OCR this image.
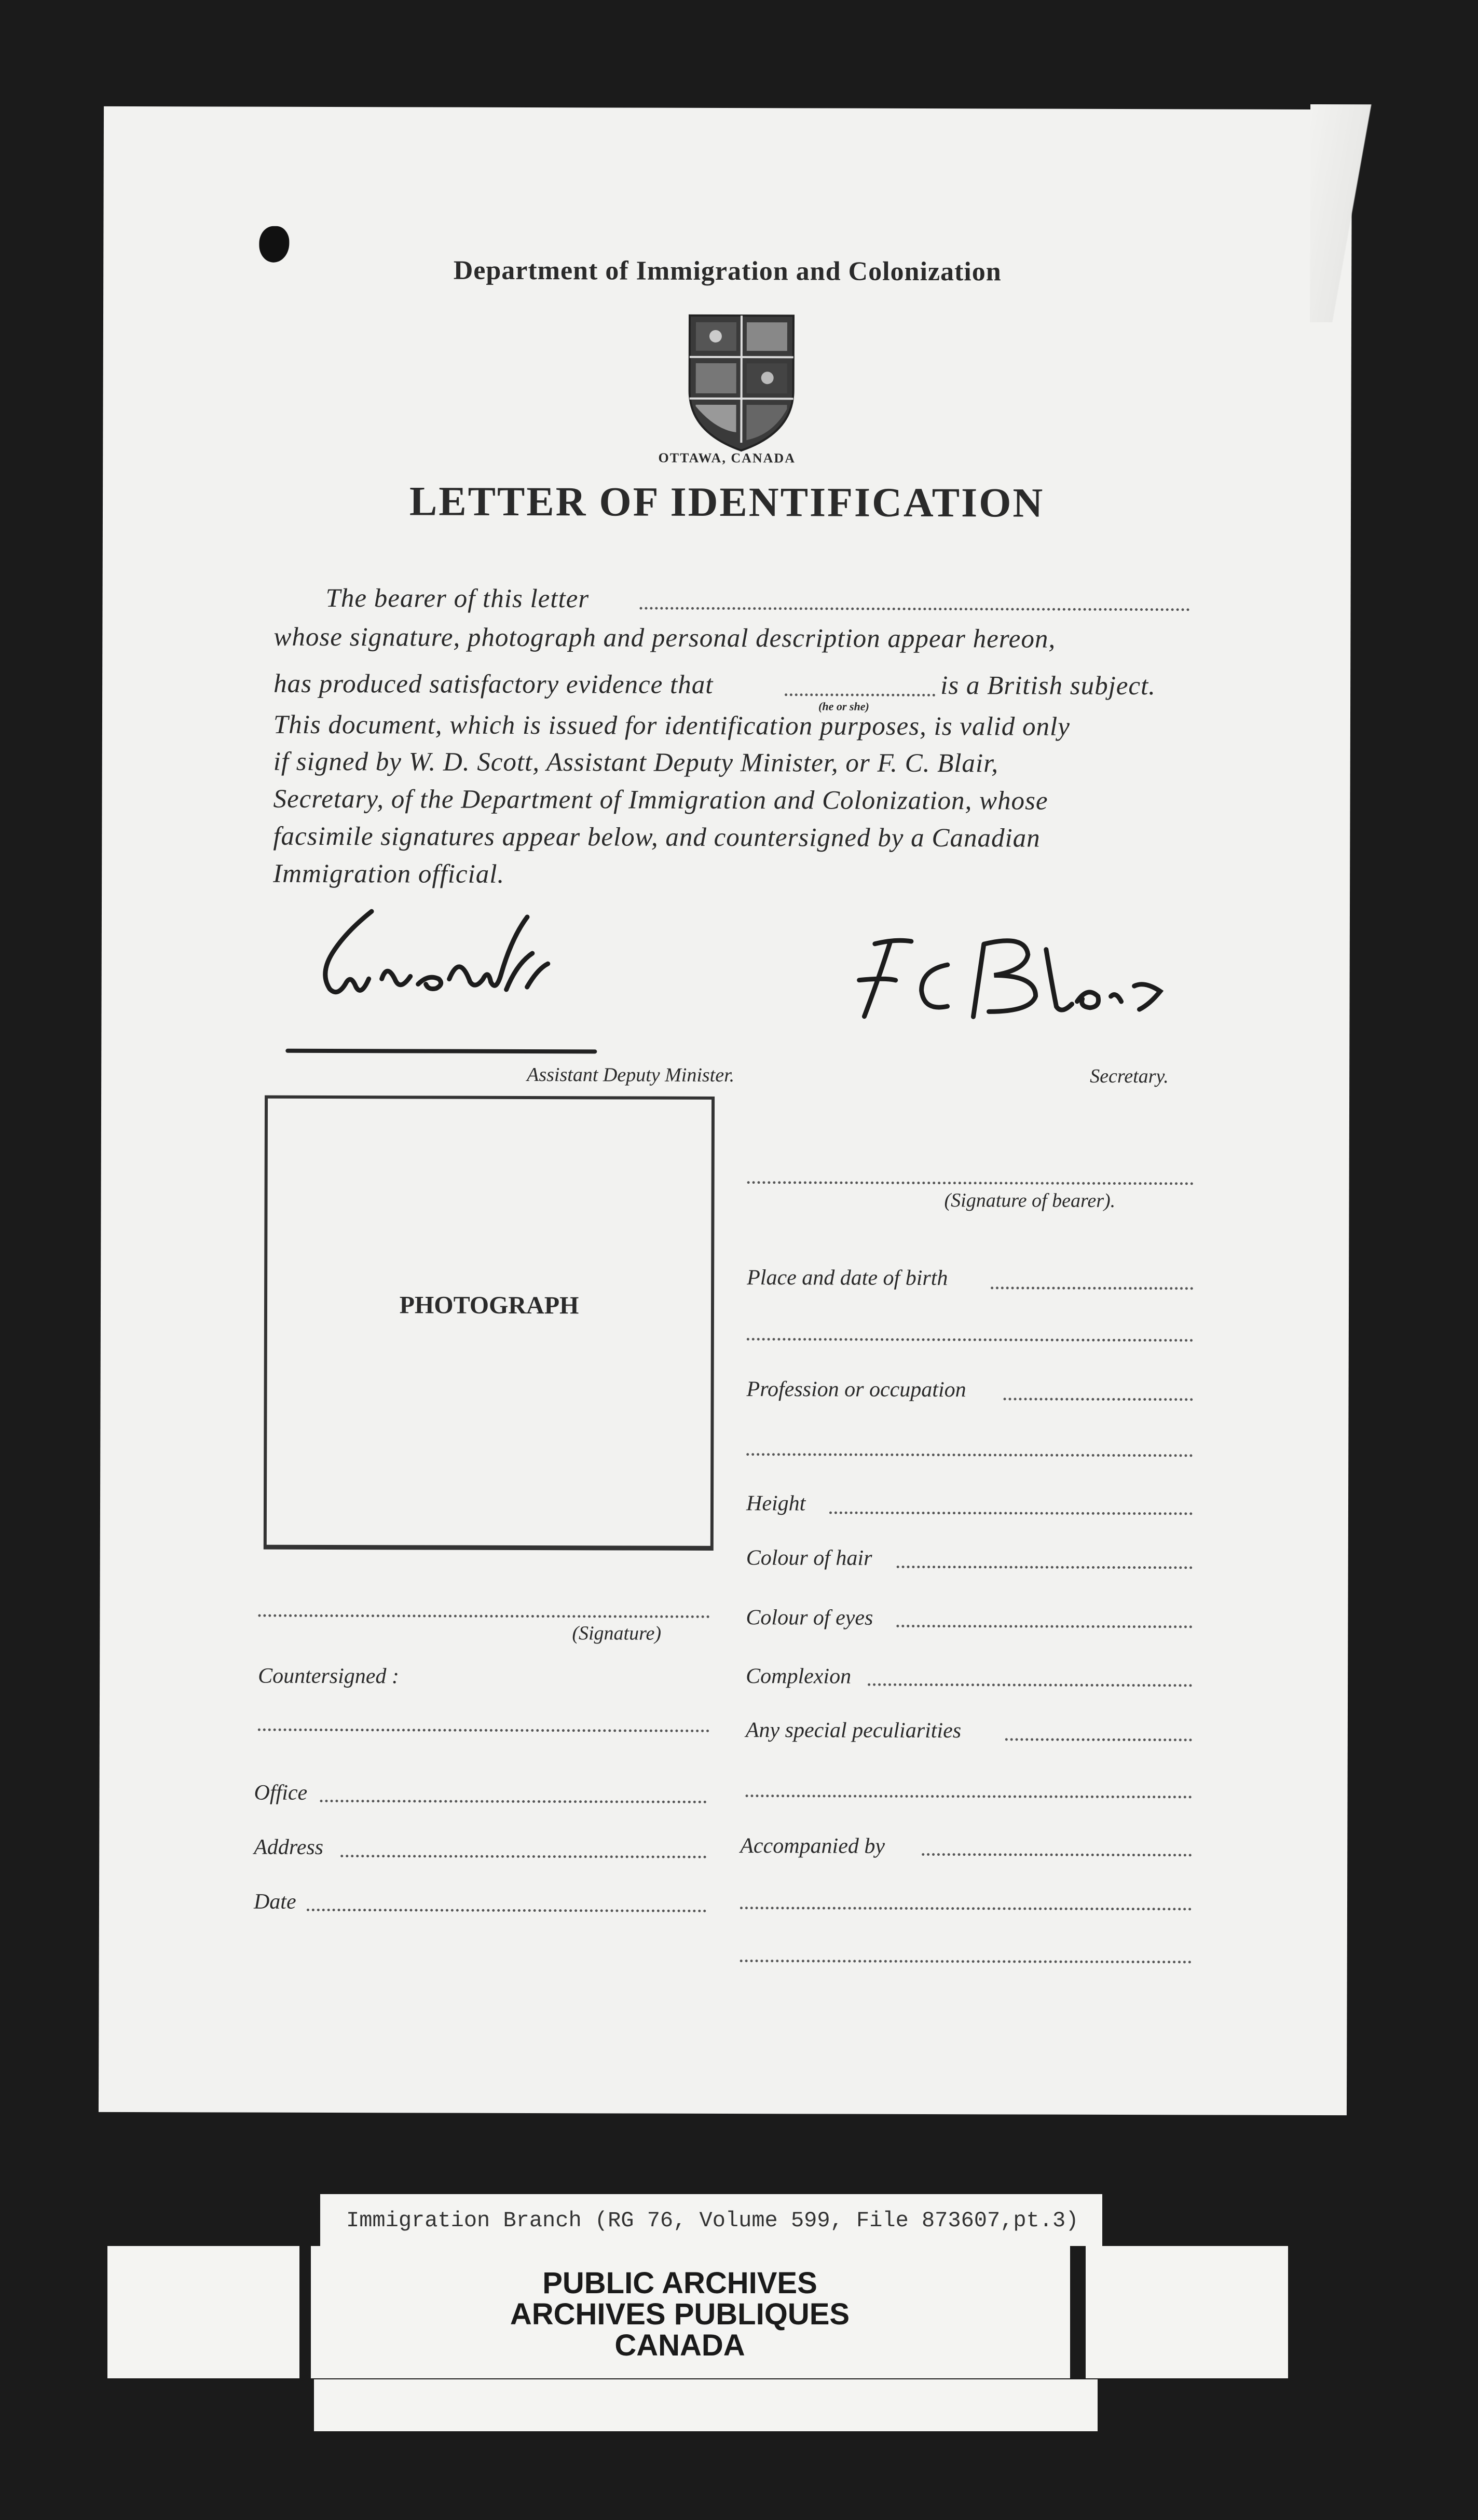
Department of Immigration and Colonization
OTTAWA, CANADA
LETTER OF IDENTIFICATION
The bearer of this letter
whose signature, photograph and personal description appear hereon,
has produced satisfactory evidence that	is a British subject.
(he or she)
This document, which is issued for identification purposes, is valid only
if signed by W. D. Scott, Assistant Deputy Minister, or F. C. Blair,
Secretary, of the Department of Immigration and Colonization, whose
facsimile signatures appear below, and countersigned by a Canadian
Immigration official.
Assistant Deputy Minister.	Secretary.
PHOTOGRAPH
(Signature)
Countersigned :
Office
Address
Date
(Signature of bearer).
Place and date of birth
Profession or occupation
Height
Colour of hair
Colour of eyes
Complexion
Any special peculiarities
Accompanied by
Immigration Branch (RG 76, Volume 599, File 873607,pt.3)
PUBLIC ARCHIVES
ARCHIVES PUBLIQUES
CANADA
